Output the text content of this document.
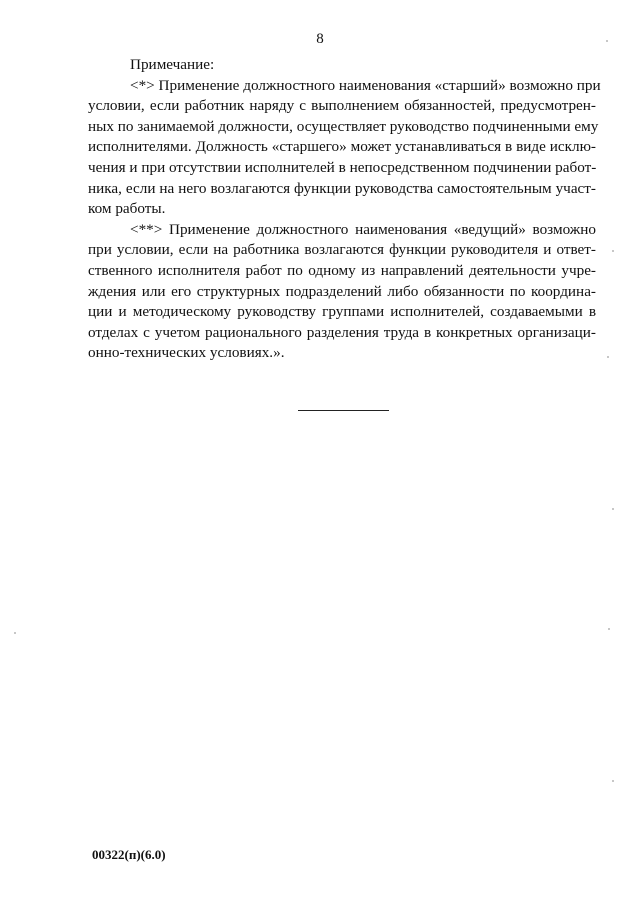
8

Примечание:

<*> Применение должностного наименования «старший» возможно при
условии, если работник наряду с выполнением обязанностей, предусмотрен-
ных по занимаемой должности, осуществляет руководство подчиненными ему
исполнителями. Должность «старшего» может устанавливаться в виде исклю-
чения и при отсутствии исполнителей в непосредственном подчинении работ-
ника, если на него возлагаются функции руководства самостоятельным участ-
ком работы.
<**> Применение должностного наименования «ведущий» возможно
при условии, если на работника возлагаются функции руководителя и ответ-
ственного исполнителя работ по одному из направлений деятельности учре-
ждения или его структурных подразделений либо обязанности по координа-
ции и методическому руководству группами исполнителей, создаваемыми в
отделах с учетом рационального разделения труда в конкретных организаци-
онно-технических условиях.».
00322(п)(6.0)
